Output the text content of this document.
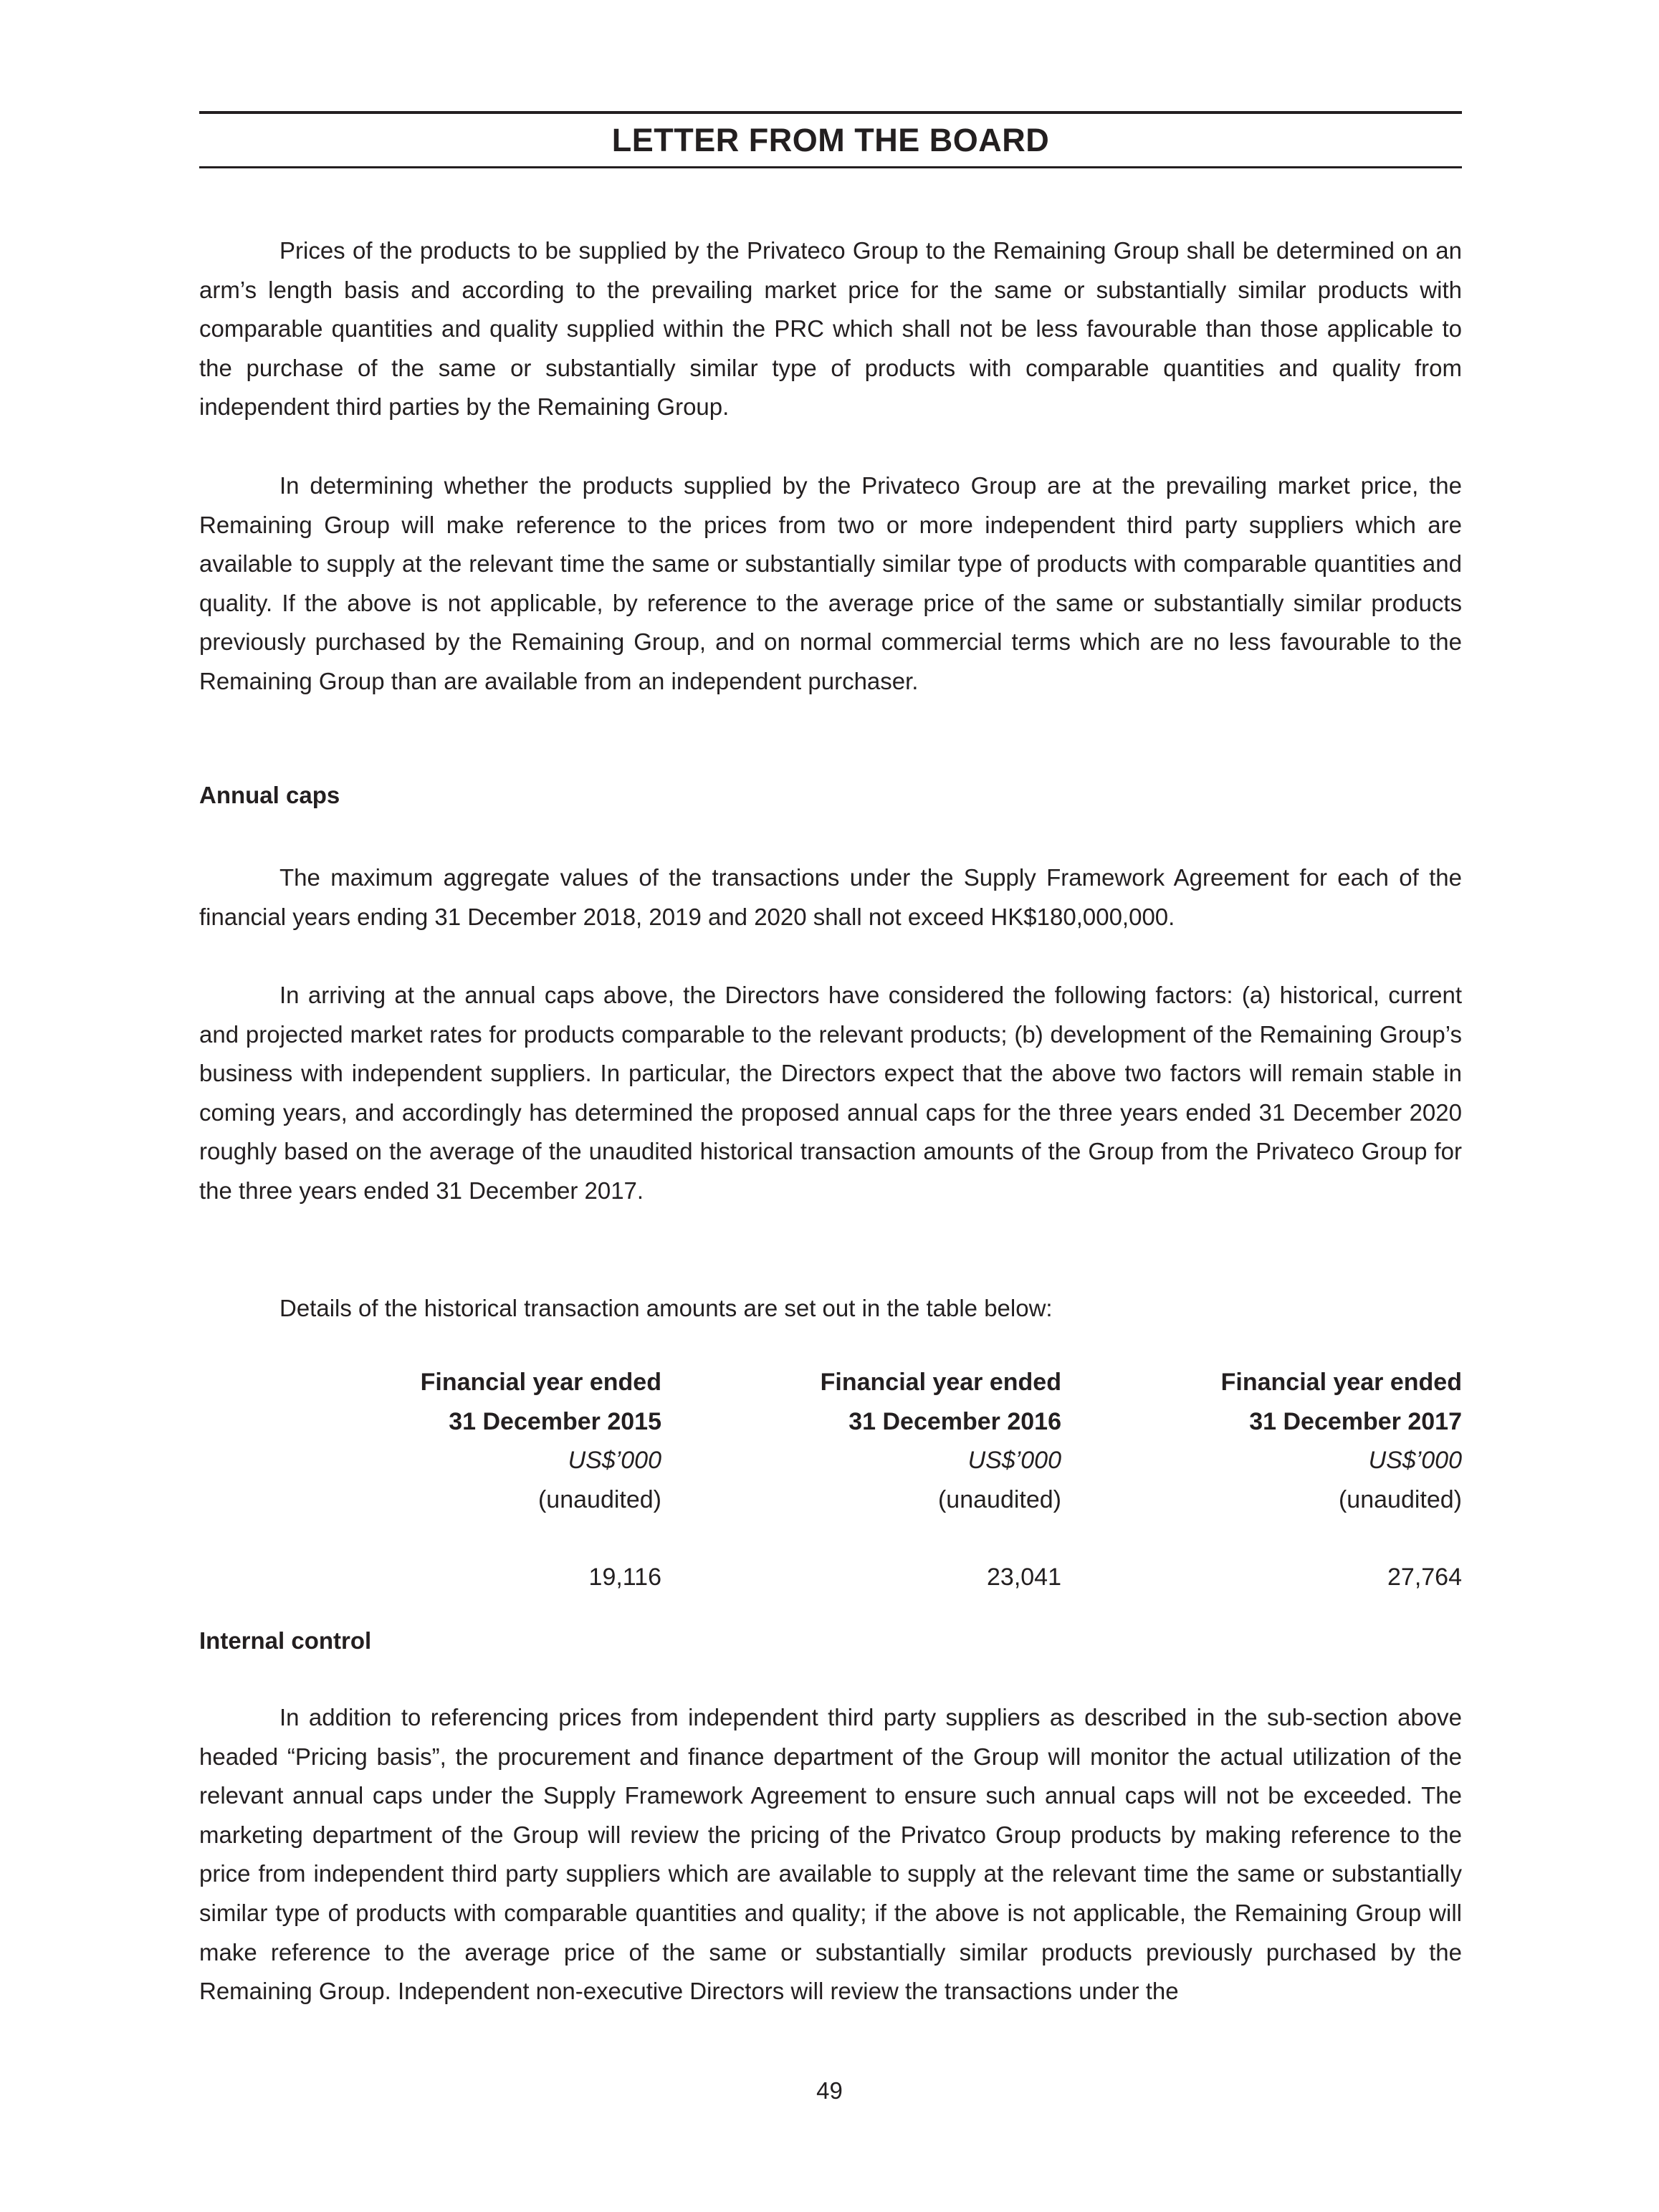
LETTER FROM THE BOARD

Prices of the products to be supplied by the Privateco Group to the Remaining Group shall be determined on an arm’s length basis and according to the prevailing market price for the same or substantially similar products with comparable quantities and quality supplied within the PRC which shall not be less favourable than those applicable to the purchase of the same or substantially similar type of products with comparable quantities and quality from independent third parties by the Remaining Group.

In determining whether the products supplied by the Privateco Group are at the prevailing market price, the Remaining Group will make reference to the prices from two or more independent third party suppliers which are available to supply at the relevant time the same or substantially similar type of products with comparable quantities and quality. If the above is not applicable, by reference to the average price of the same or substantially similar products previously purchased by the Remaining Group, and on normal commercial terms which are no less favourable to the Remaining Group than are available from an independent purchaser.

Annual caps

The maximum aggregate values of the transactions under the Supply Framework Agreement for each of the financial years ending 31 December 2018, 2019 and 2020 shall not exceed HK$180,000,000.

In arriving at the annual caps above, the Directors have considered the following factors: (a) historical, current and projected market rates for products comparable to the relevant products; (b) development of the Remaining Group’s business with independent suppliers. In particular, the Directors expect that the above two factors will remain stable in coming years, and accordingly has determined the proposed annual caps for the three years ended 31 December 2020 roughly based on the average of the unaudited historical transaction amounts of the Group from the Privateco Group for the three years ended 31 December 2017.

Details of the historical transaction amounts are set out in the table below:

Financial year ended
31 December 2015
US$’000
(unaudited)
19,116
Financial year ended
31 December 2016
US$’000
(unaudited)
23,041
Financial year ended
31 December 2017
US$’000
(unaudited)
27,764
Internal control

In addition to referencing prices from independent third party suppliers as described in the sub-section above headed “Pricing basis”, the procurement and finance department of the Group will monitor the actual utilization of the relevant annual caps under the Supply Framework Agreement to ensure such annual caps will not be exceeded. The marketing department of the Group will review the pricing of the Privatco Group products by making reference to the price from independent third party suppliers which are available to supply at the relevant time the same or substantially similar type of products with comparable quantities and quality; if the above is not applicable, the Remaining Group will make reference to the average price of the same or substantially similar products previously purchased by the Remaining Group. Independent non-executive Directors will review the transactions under the

49
